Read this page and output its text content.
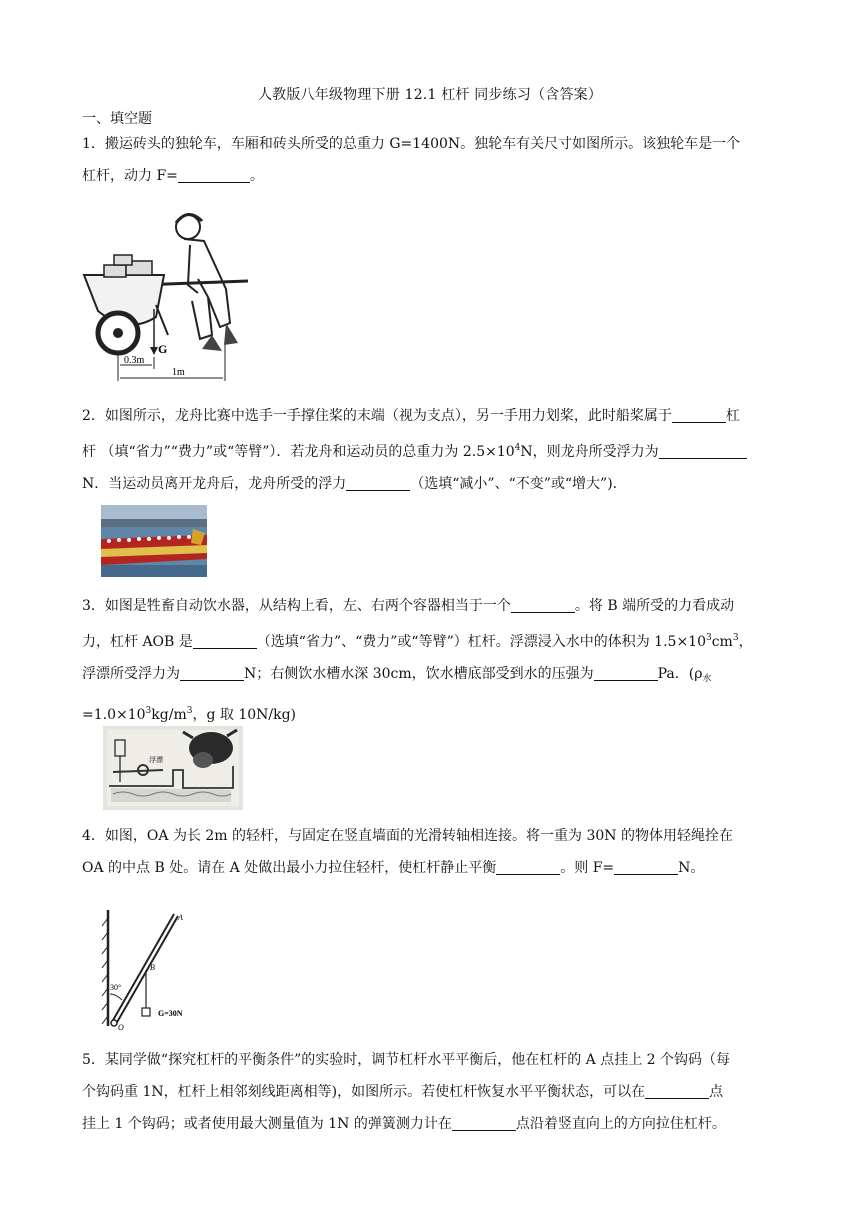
人教版八年级物理下册 12.1 杠杆 同步练习（含答案）
一、填空题
1．搬运砖头的独轮车，车厢和砖头所受的总重力 G=1400N。独轮车有关尺寸如图所示。该独轮车是一个
杠杆，动力 F=	。
G
0.3m
1m
2．如图所示，龙舟比赛中选手一手撑住桨的末端（视为支点），另一手用力划桨，此时船桨属于	杠
杆 （填“省力”“费力”或“等臂”）．若龙舟和运动员的总重力为 $2.5\times 10^4N$，则龙舟所受浮力为
N．当运动员离开龙舟后，龙舟所受的浮力	（选填“减小”、“不变”或“增大”)．
3．如图是牲畜自动饮水器，从结构上看，左、右两个容器相当于一个	。将 B 端所受的力看成动
力，杠杆 AOB 是	（选填“省力”、“费力”或“等臂”）杠杆。浮漂浸入水中的体积为 $1.5\times 10^3cm^3$，
浮漂所受浮力为	N；右侧饮水槽水深 30cm，饮水槽底部受到水的压强为	Pa．($\rho_水$
$=1.0\times 10^3kg/m^3$，g 取 10N/kg)
浮漂
4．如图，OA 为长 2m 的轻杆，与固定在竖直墙面的光滑转轴相连接。将一重为 30N 的物体用轻绳拴在
OA 的中点 B 处。请在 A 处做出最小力拉住轻杆，使杠杆静止平衡	。则 F=	N。
O
A
B
30°
G=30N
5．某同学做“探究杠杆的平衡条件”的实验时，调节杠杆水平平衡后，他在杠杆的 A 点挂上 2 个钩码（每
个钩码重 1N，杠杆上相邻刻线距离相等)，如图所示。若使杠杆恢复水平平衡状态，可以在	点
挂上 1 个钩码；或者使用最大测量值为 1N 的弹簧测力计在	点沿着竖直向上的方向拉住杠杆。
